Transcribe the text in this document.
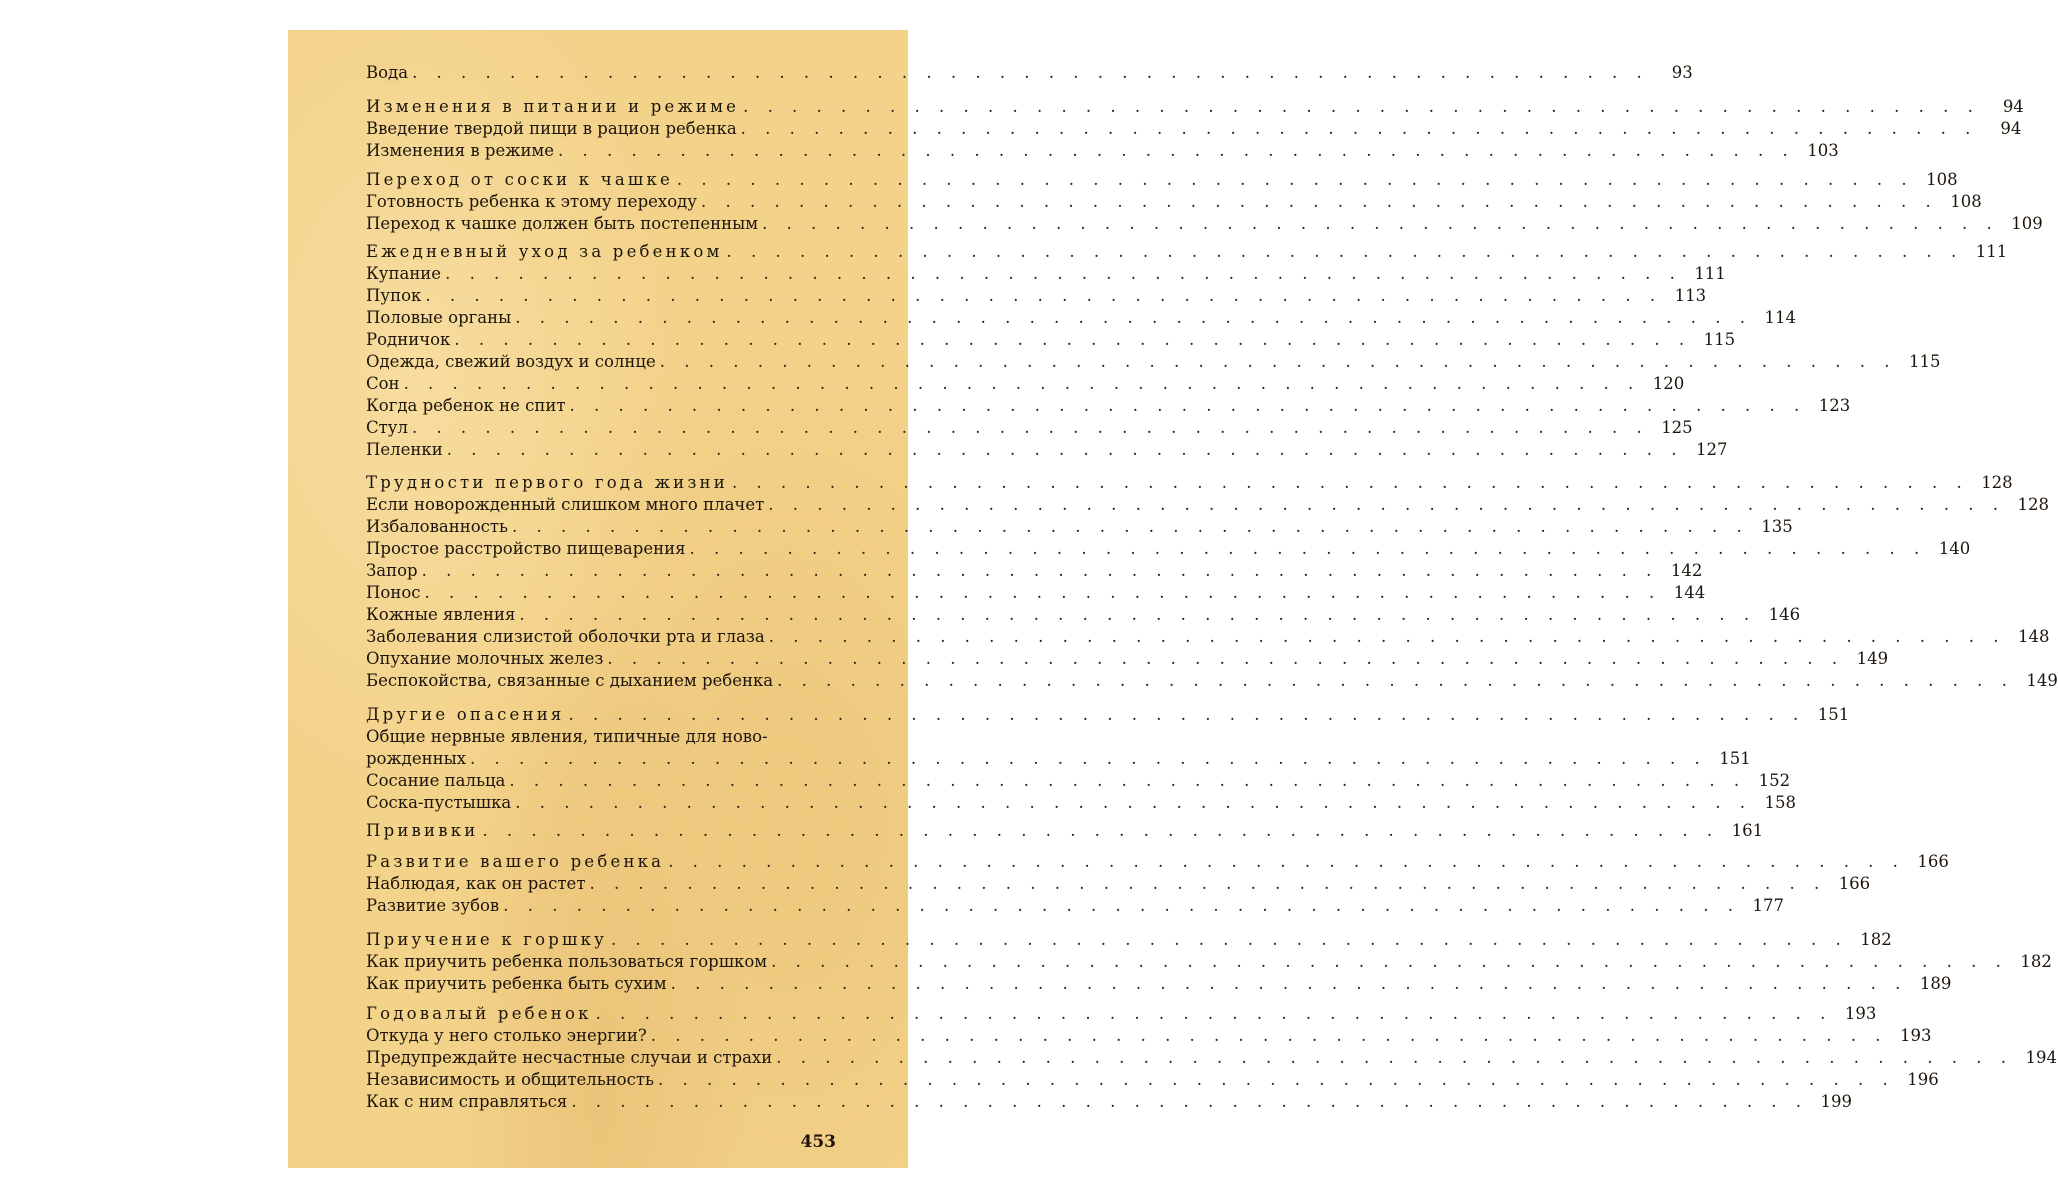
Вода . . .	93
Изменения в питании и режиме . . .	94
Введение твердой пищи в рацион ребенка . . .	94
Изменения в режиме . . .	103
Переход от соски к чашке . . .	108
Готовность ребенка к этому переходу . . .	108
Переход к чашке должен быть постепенным . . .	109
Ежедневный уход за ребенком . . .	111
Купание . . .	111
Пупок . . .	113
Половые органы . . .	114
Родничок . . .	115
Одежда, свежий воздух и солнце . . .	115
Сон . . .	120
Когда ребенок не спит . . .	123
Стул . . .	125
Пеленки . . .	127
Трудности первого года жизни . . .	128
Если новорожденный слишком много плачет . . .	128
Избалованность . . .	135
Простое расстройство пищеварения . . .	140
Запор . . .	142
Понос . . .	144
Кожные явления . . .	146
Заболевания слизистой оболочки рта и глаза . . .	148
Опухание молочных желез . . .	149
Беспокойства, связанные с дыханием ребенка . . .	149
Другие опасения . . .	151
Общие нервные явления, типичные для ново-
рожденных . . .	151
Сосание пальца . . .	152
Соска-пустышка . . .	158
Прививки . . .	161
Развитие вашего ребенка . . .	166
Наблюдая, как он растет . . .	166
Развитие зубов . . .	177
Приучение к горшку . . .	182
Как приучить ребенка пользоваться горшком . . .	182
Как приучить ребенка быть сухим . . .	189
Годовалый ребенок . . .	193
Откуда у него столько энергии? . . .	193
Предупреждайте несчастные случаи и страхи . . .	194
Независимость и общительность . . .	196
Как с ним справляться . . .	199
453
